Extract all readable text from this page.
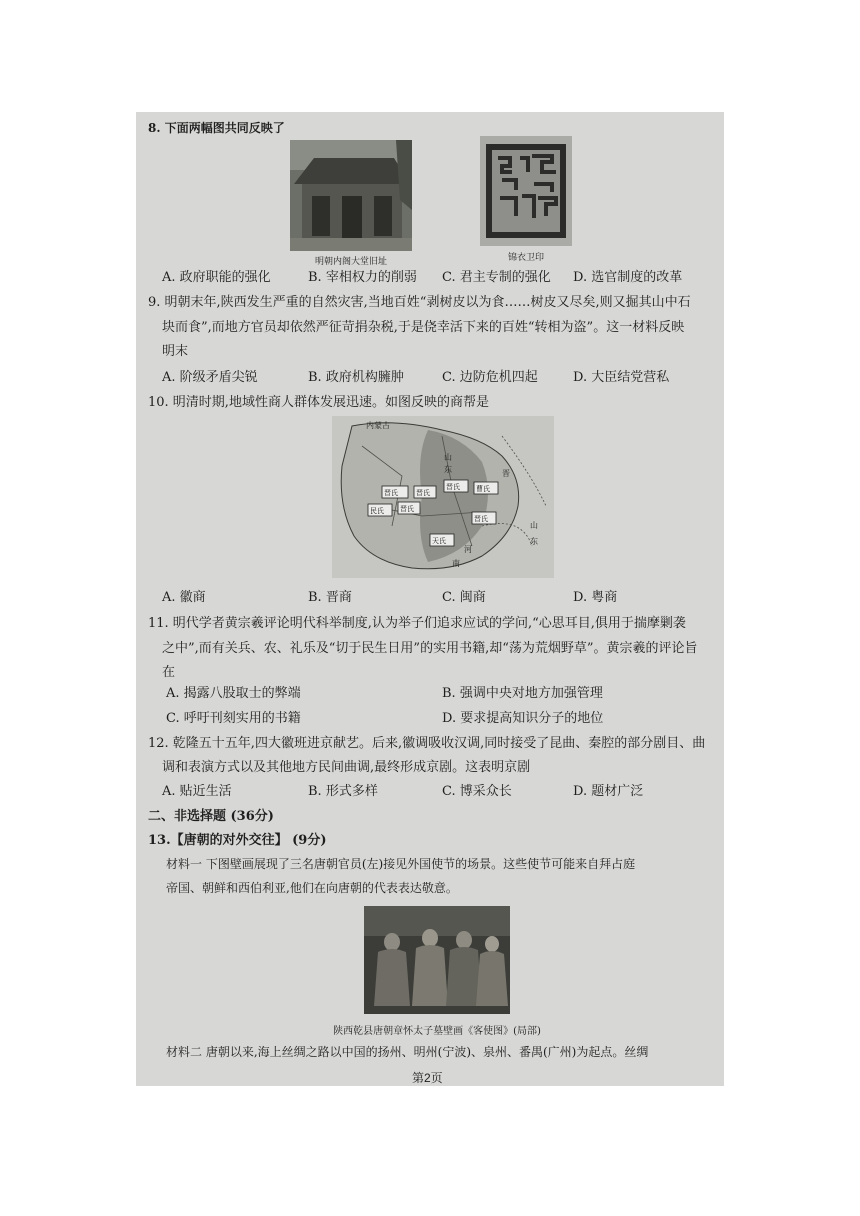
8. 下面两幅图共同反映了
明朝内阁大堂旧址	锦衣卫印
A. 政府职能的强化	B. 宰相权力的削弱 C. 君主专制的强化 D. 选官制度的改革
9. 明朝末年,陕西发生严重的自然灾害,当地百姓“剥树皮以为食……树皮又尽矣,则又掘其山中石
块而食”,而地方官员却依然严征苛捐杂税,于是侥幸活下来的百姓“转相为盗”。这一材料反映
明末
A. 阶级矛盾尖锐	B. 政府机构臃肿	C. 边防危机四起	D. 大臣结党营私
10. 明清时期,地域性商人群体发展迅速。如图反映的商帮是
晋氏	晋氏
晋氏 曹氏
民氏 晋氏
晋氏
天氏
内蒙古
山
东
河
南
晋
山
东
A. 徽商	B. 晋商	C. 闽商	D. 粤商
11. 明代学者黄宗羲评论明代科举制度,认为举子们追求应试的学问,“心思耳目,俱用于揣摩剿袭
之中”,而有关兵、农、礼乐及“切于民生日用”的实用书籍,却“荡为荒烟野草”。黄宗羲的评论旨
在
A. 揭露八股取士的弊端	B. 强调中央对地方加强管理
C. 呼吁刊刻实用的书籍	D. 要求提高知识分子的地位
12. 乾隆五十五年,四大徽班进京献艺。后来,徽调吸收汉调,同时接受了昆曲、秦腔的部分剧目、曲
调和表演方式以及其他地方民间曲调,最终形成京剧。这表明京剧
A. 贴近生活	B. 形式多样	C. 博采众长	D. 题材广泛
二、非选择题 (36分)
13.【唐朝的对外交往】 (9分)
材料一 下图壁画展现了三名唐朝官员(左)接见外国使节的场景。这些使节可能来自拜占庭
帝国、朝鲜和西伯利亚,他们在向唐朝的代表表达敬意。
陕西乾县唐朝章怀太子墓壁画《客使图》(局部)
材料二 唐朝以来,海上丝绸之路以中国的扬州、明州(宁波)、泉州、番禺(广州)为起点。丝绸
第2页
